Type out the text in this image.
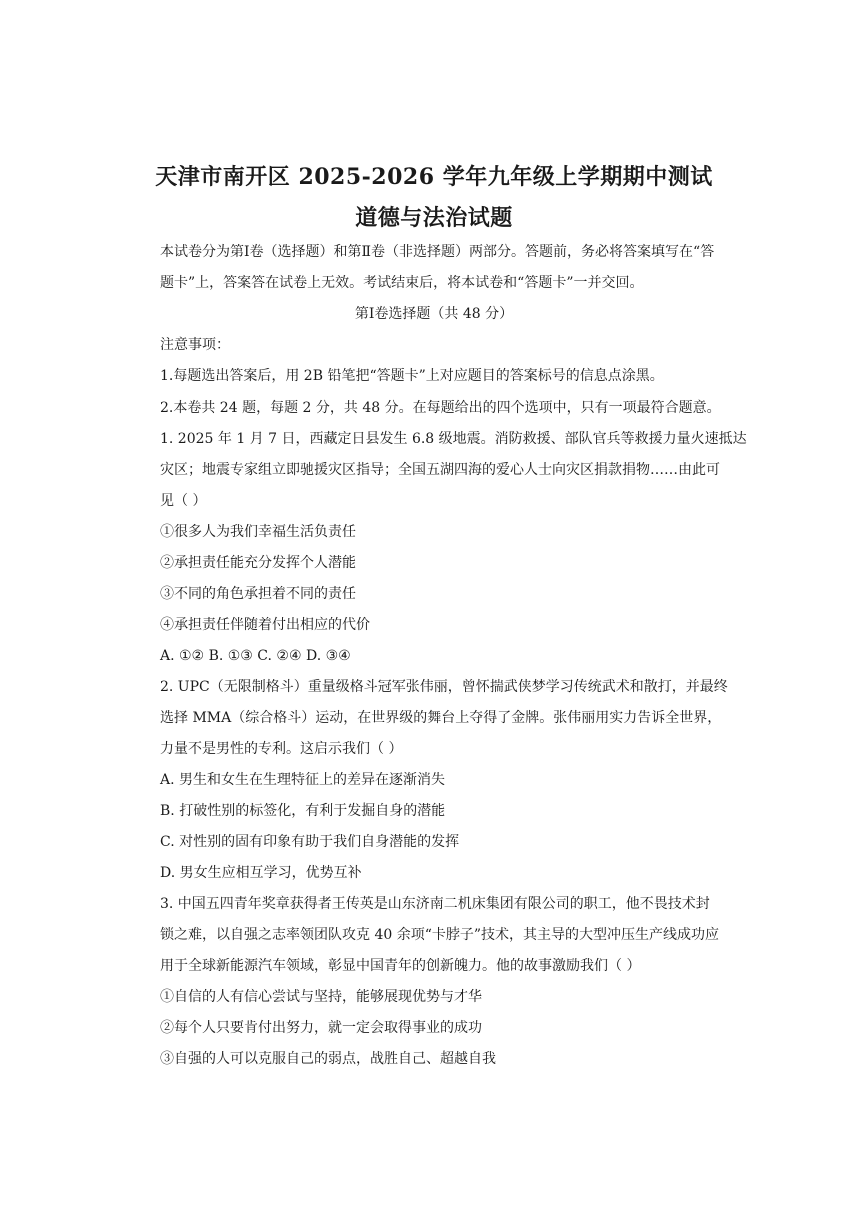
天津市南开区 2025-2026 学年九年级上学期期中测试
道德与法治试题
本试卷分为第Ⅰ卷（选择题）和第Ⅱ卷（非选择题）两部分。答题前，务必将答案填写在“答
题卡”上，答案答在试卷上无效。考试结束后，将本试卷和“答题卡”一并交回。
第Ⅰ卷选择题（共 48 分）
注意事项：
1.每题选出答案后，用 2B 铅笔把“答题卡”上对应题目的答案标号的信息点涂黑。
2.本卷共 24 题，每题 2 分，共 48 分。在每题给出的四个选项中，只有一项最符合题意。
1. 2025 年 1 月 7 日，西藏定日县发生 6.8 级地震。消防救援、部队官兵等救援力量火速抵达
灾区；地震专家组立即驰援灾区指导；全国五湖四海的爱心人士向灾区捐款捐物……由此可
见（ ）
①很多人为我们幸福生活负责任
②承担责任能充分发挥个人潜能
③不同的角色承担着不同的责任
④承担责任伴随着付出相应的代价
A. ①② B. ①③ C. ②④ D. ③④
2. UPC（无限制格斗）重量级格斗冠军张伟丽，曾怀揣武侠梦学习传统武术和散打，并最终
选择 MMA（综合格斗）运动，在世界级的舞台上夺得了金牌。张伟丽用实力告诉全世界，
力量不是男性的专利。这启示我们（ ）
A. 男生和女生在生理特征上的差异在逐渐消失
B. 打破性别的标签化，有利于发掘自身的潜能
C. 对性别的固有印象有助于我们自身潜能的发挥
D. 男女生应相互学习，优势互补
3. 中国五四青年奖章获得者王传英是山东济南二机床集团有限公司的职工，他不畏技术封
锁之难，以自强之志率领团队攻克 40 余项“卡脖子”技术，其主导的大型冲压生产线成功应
用于全球新能源汽车领域，彰显中国青年的创新魄力。他的故事激励我们（ ）
①自信的人有信心尝试与坚持，能够展现优势与才华
②每个人只要肯付出努力，就一定会取得事业的成功
③自强的人可以克服自己的弱点，战胜自己、超越自我
